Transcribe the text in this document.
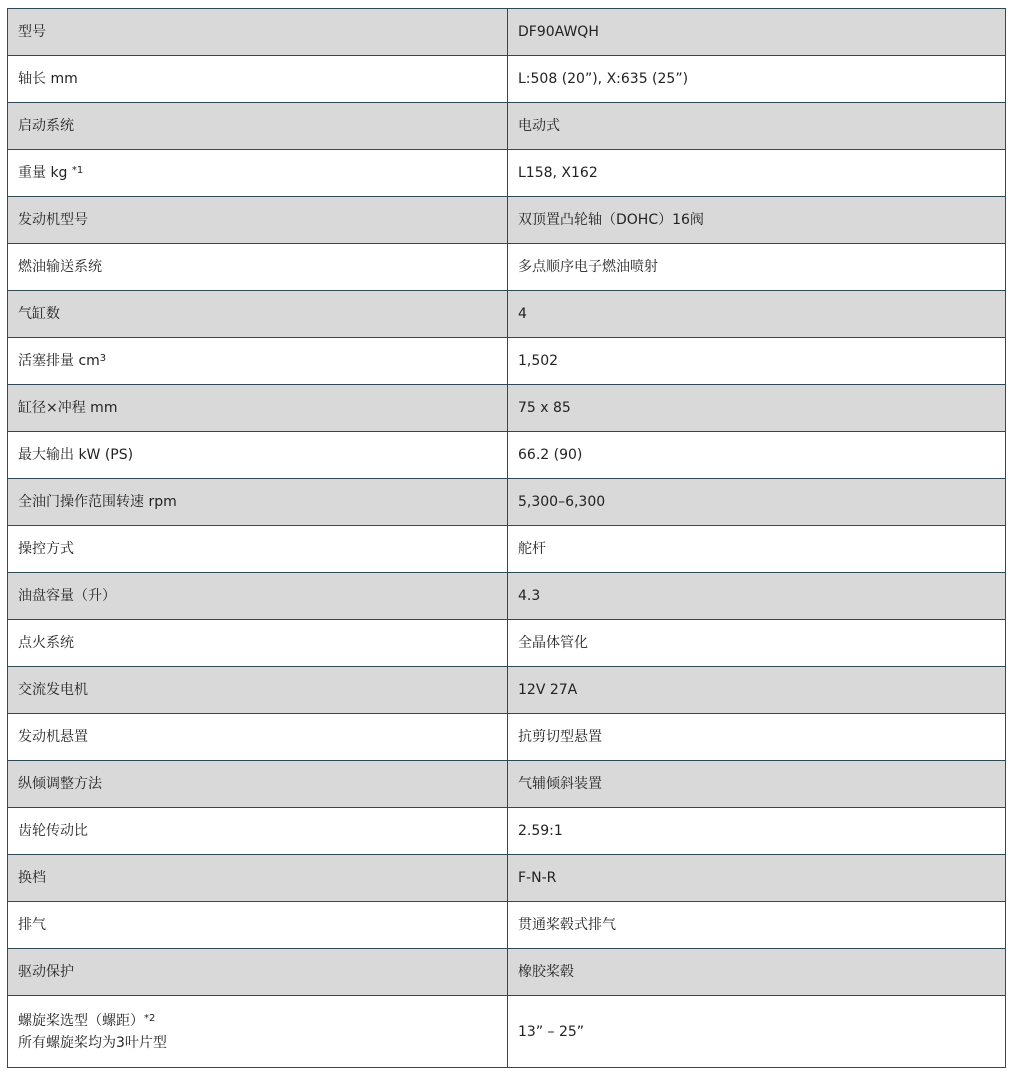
型号	DF90AWQH
轴长 mm	L:508 (20”), X:635 (25”)
启动系统	电动式
重量 kg $^{*1}$	L158, X162
发动机型号	双顶置凸轮轴（DOHC）16阀
燃油输送系统	多点顺序电子燃油喷射
气缸数	4
活塞排量 $cm^3$	1,502
缸径×冲程 mm	75 x 85
最大输出 kW (PS)	66.2 (90)
全油门操作范围转速 rpm	5,300–6,300
操控方式	舵杆
油盘容量（升）	4.3
点火系统	全晶体管化
交流发电机	12V 27A
发动机悬置	抗剪切型悬置
纵倾调整方法	气辅倾斜装置
齿轮传动比	2.59:1
换档	F-N-R
排气	贯通桨毂式排气
驱动保护	橡胶桨毂

螺旋桨选型（螺距）$^{*2}$
所有螺旋桨均为3叶片型	13” – 25”
